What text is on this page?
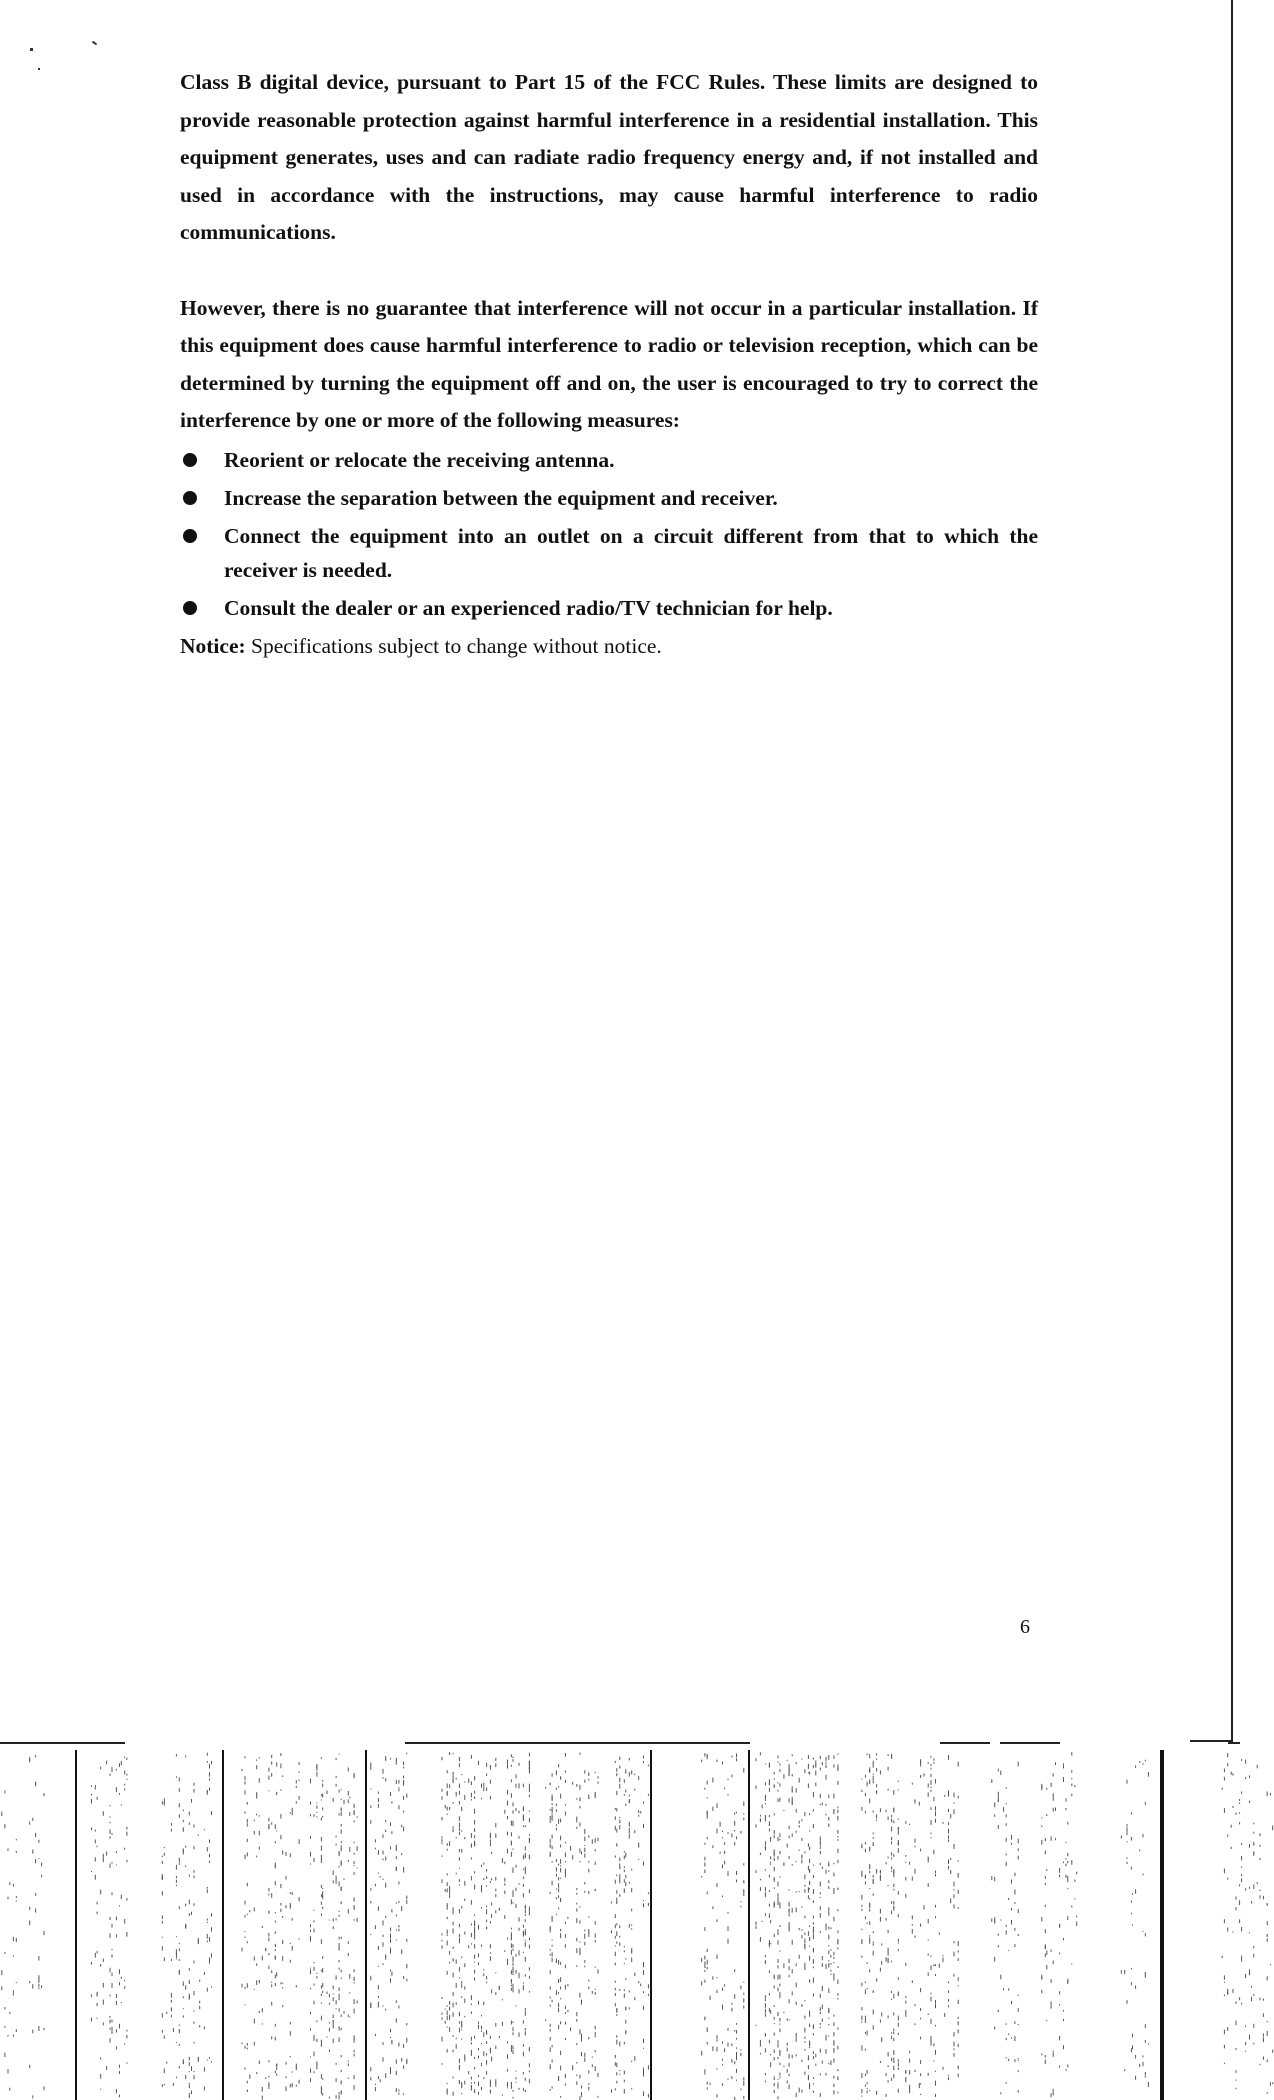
Class B digital device, pursuant to Part 15 of the FCC Rules. These limits are designed to provide reasonable protection against harmful interference in a residential installation. This equipment generates, uses and can radiate radio frequency energy and, if not installed and used in accordance with the instructions, may cause harmful interference to radio communications.

However, there is no guarantee that interference will not occur in a particular installation. If this equipment does cause harmful interference to radio or television reception, which can be determined by turning the equipment off and on, the user is encouraged to try to correct the interference by one or more of the following measures:

Reorient or relocate the receiving antenna.
Increase the separation between the equipment and receiver.
Connect the equipment into an outlet on a circuit different from that to which the receiver is needed.
Consult the dealer or an experienced radio/TV technician for help.

Notice: Specifications subject to change without notice.

6
